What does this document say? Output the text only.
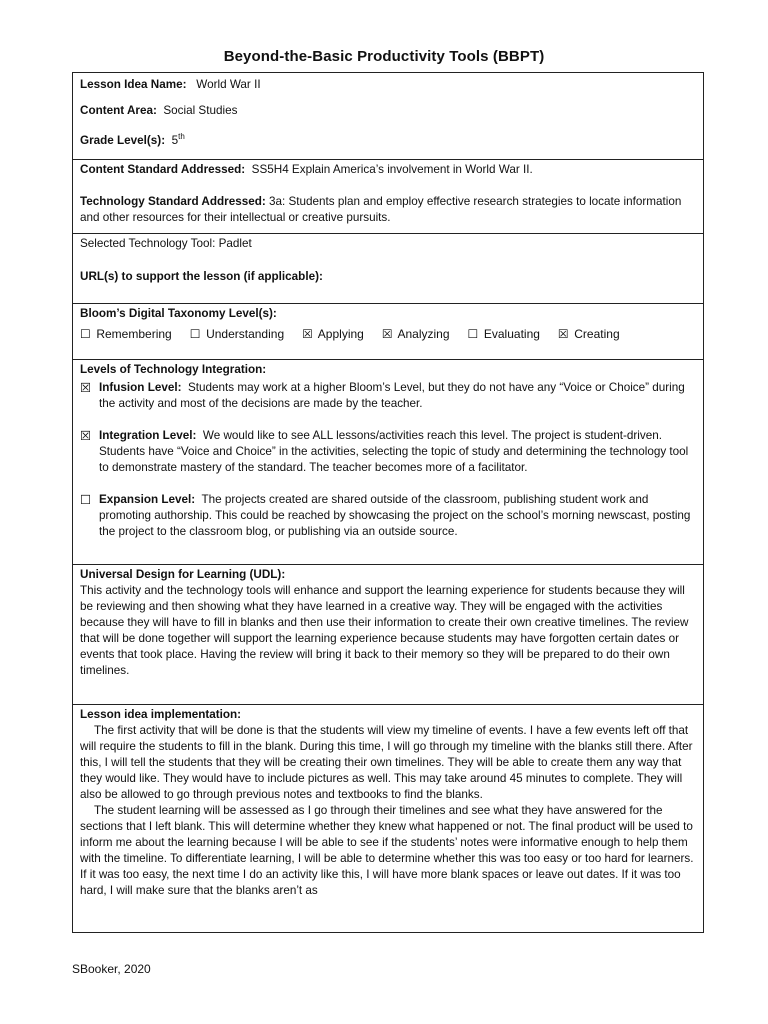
Beyond-the-Basic Productivity Tools (BBPT)

Lesson Idea Name: World War II

Content Area: Social Studies

Grade Level(s): 5th

Content Standard Addressed: SS5H4 Explain America’s involvement in World War II.

Technology Standard Addressed: 3a: Students plan and employ effective research strategies to locate information and other resources for their intellectual or creative pursuits.

Selected Technology Tool: Padlet

URL(s) to support the lesson (if applicable):

Bloom’s Digital Taxonomy Level(s):

☐ Remembering ☐ Understanding ☒ Applying ☒ Analyzing ☐ Evaluating ☒ Creating

Levels of Technology Integration:

☒ Infusion Level: Students may work at a higher Bloom’s Level, but they do not have any “Voice or Choice” during the activity and most of the decisions are made by the teacher.
☒ Integration Level: We would like to see ALL lessons/activities reach this level. The project is student-driven. Students have “Voice and Choice” in the activities, selecting the topic of study and determining the technology tool to demonstrate mastery of the standard. The teacher becomes more of a facilitator.
☐ Expansion Level: The projects created are shared outside of the classroom, publishing student work and promoting authorship. This could be reached by showcasing the project on the school’s morning newscast, posting the project to the classroom blog, or publishing via an outside source.

Universal Design for Learning (UDL):

This activity and the technology tools will enhance and support the learning experience for students because they will be reviewing and then showing what they have learned in a creative way. They will be engaged with the activities because they will have to fill in blanks and then use their information to create their own creative timelines. The review that will be done together will support the learning experience because students may have forgotten certain dates or events that took place. Having the review will bring it back to their memory so they will be prepared to do their own timelines.

Lesson idea implementation:

The first activity that will be done is that the students will view my timeline of events. I have a few events left off that will require the students to fill in the blank. During this time, I will go through my timeline with the blanks still there. After this, I will tell the students that they will be creating their own timelines. They will be able to create them any way that they would like. They would have to include pictures as well. This may take around 45 minutes to complete. They will also be allowed to go through previous notes and textbooks to find the blanks.

The student learning will be assessed as I go through their timelines and see what they have answered for the sections that I left blank. This will determine whether they knew what happened or not. The final product will be used to inform me about the learning because I will be able to see if the students’ notes were informative enough to help them with the timeline. To differentiate learning, I will be able to determine whether this was too easy or too hard for learners. If it was too easy, the next time I do an activity like this, I will have more blank spaces or leave out dates. If it was too hard, I will make sure that the blanks aren’t as

SBooker, 2020
